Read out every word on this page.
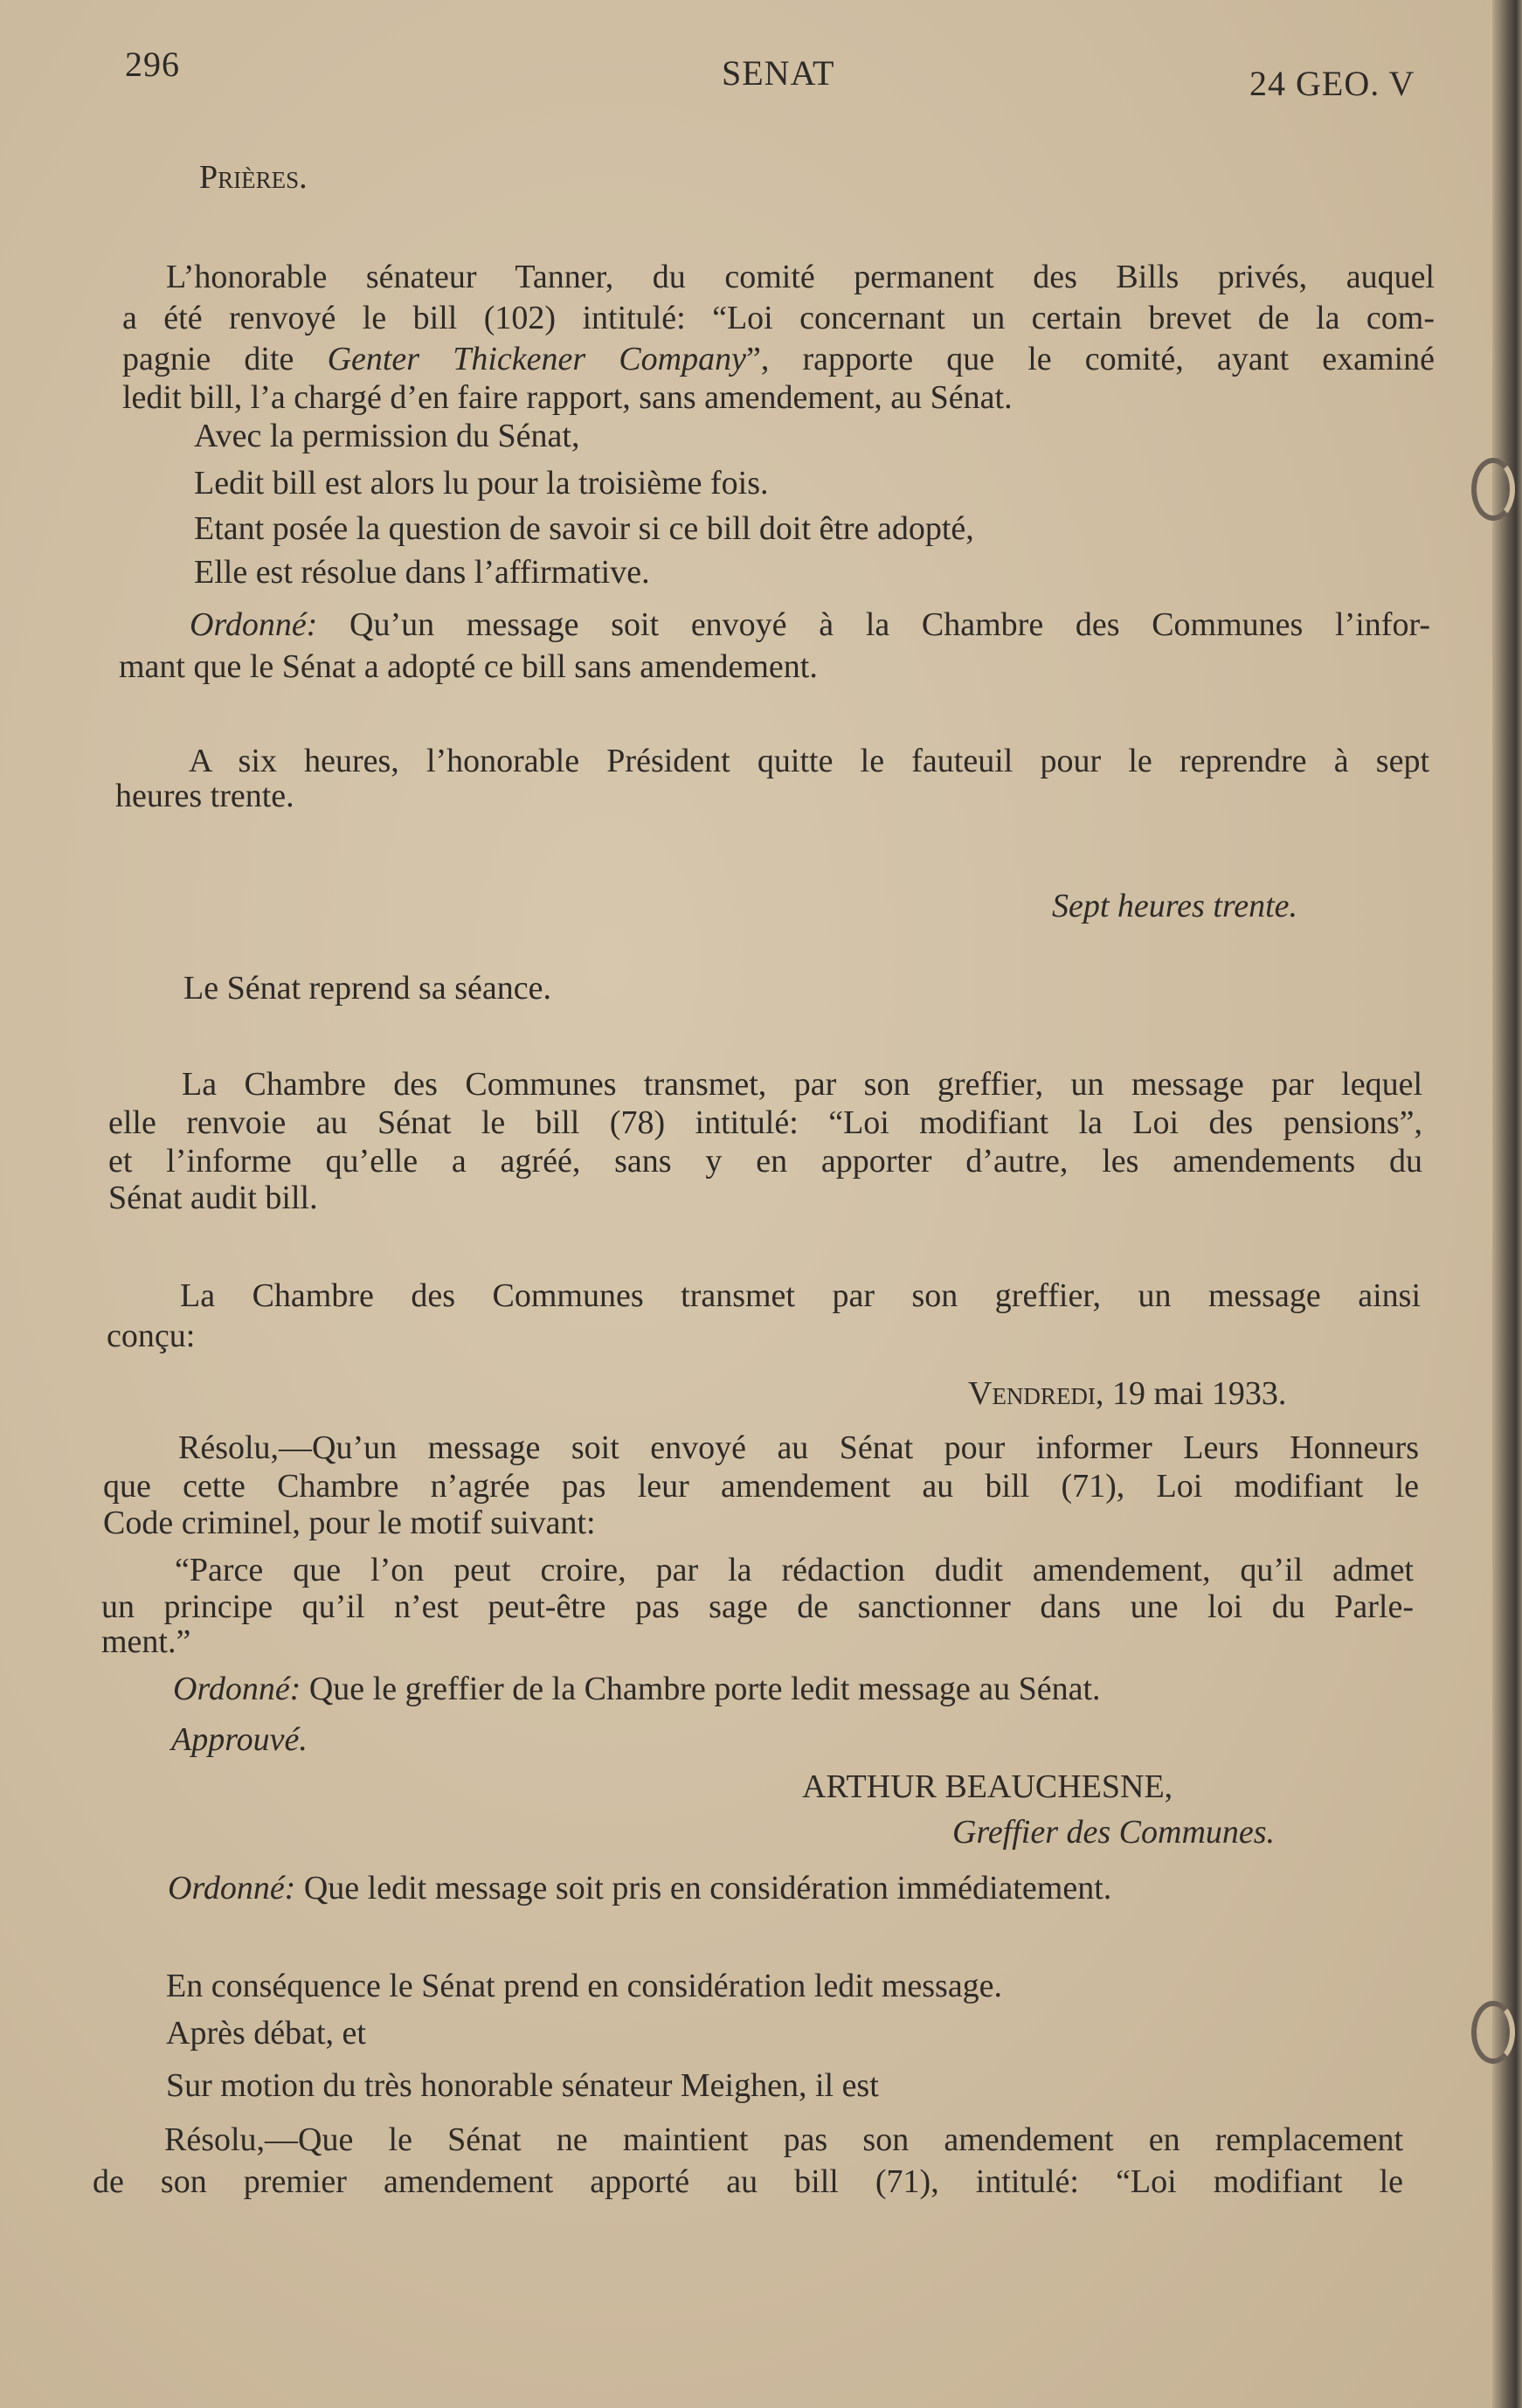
296	SENAT	24 GEO. V
Prières.
L’honorable sénateur Tanner, du comité permanent des Bills privés, auquel
a été renvoyé le bill (102) intitulé: “Loi concernant un certain brevet de la com-
pagnie dite Genter Thickener Company”, rapporte que le comité, ayant examiné
ledit bill, l’a chargé d’en faire rapport, sans amendement, au Sénat.
Avec la permission du Sénat,
Ledit bill est alors lu pour la troisième fois.
Etant posée la question de savoir si ce bill doit être adopté,
Elle est résolue dans l’affirmative.
Ordonné: Qu’un message soit envoyé à la Chambre des Communes l’infor-
mant que le Sénat a adopté ce bill sans amendement.
A six heures, l’honorable Président quitte le fauteuil pour le reprendre à sept
heures trente.
Sept heures trente.
Le Sénat reprend sa séance.
La Chambre des Communes transmet, par son greffier, un message par lequel
elle renvoie au Sénat le bill (78) intitulé: “Loi modifiant la Loi des pensions”,
et l’informe qu’elle a agréé, sans y en apporter d’autre, les amendements du
Sénat audit bill.
La Chambre des Communes transmet par son greffier, un message ainsi
conçu:
Vendredi, 19 mai 1933.
Résolu,—Qu’un message soit envoyé au Sénat pour informer Leurs Honneurs
que cette Chambre n’agrée pas leur amendement au bill (71), Loi modifiant le
Code criminel, pour le motif suivant:
“Parce que l’on peut croire, par la rédaction dudit amendement, qu’il admet
un principe qu’il n’est peut-être pas sage de sanctionner dans une loi du Parle-
ment.”
Ordonné: Que le greffier de la Chambre porte ledit message au Sénat.
Approuvé.
ARTHUR BEAUCHESNE,
Greffier des Communes.
Ordonné: Que ledit message soit pris en considération immédiatement.
En conséquence le Sénat prend en considération ledit message.
Après débat, et
Sur motion du très honorable sénateur Meighen, il est
Résolu,—Que le Sénat ne maintient pas son amendement en remplacement
de son premier amendement apporté au bill (71), intitulé: “Loi modifiant le
